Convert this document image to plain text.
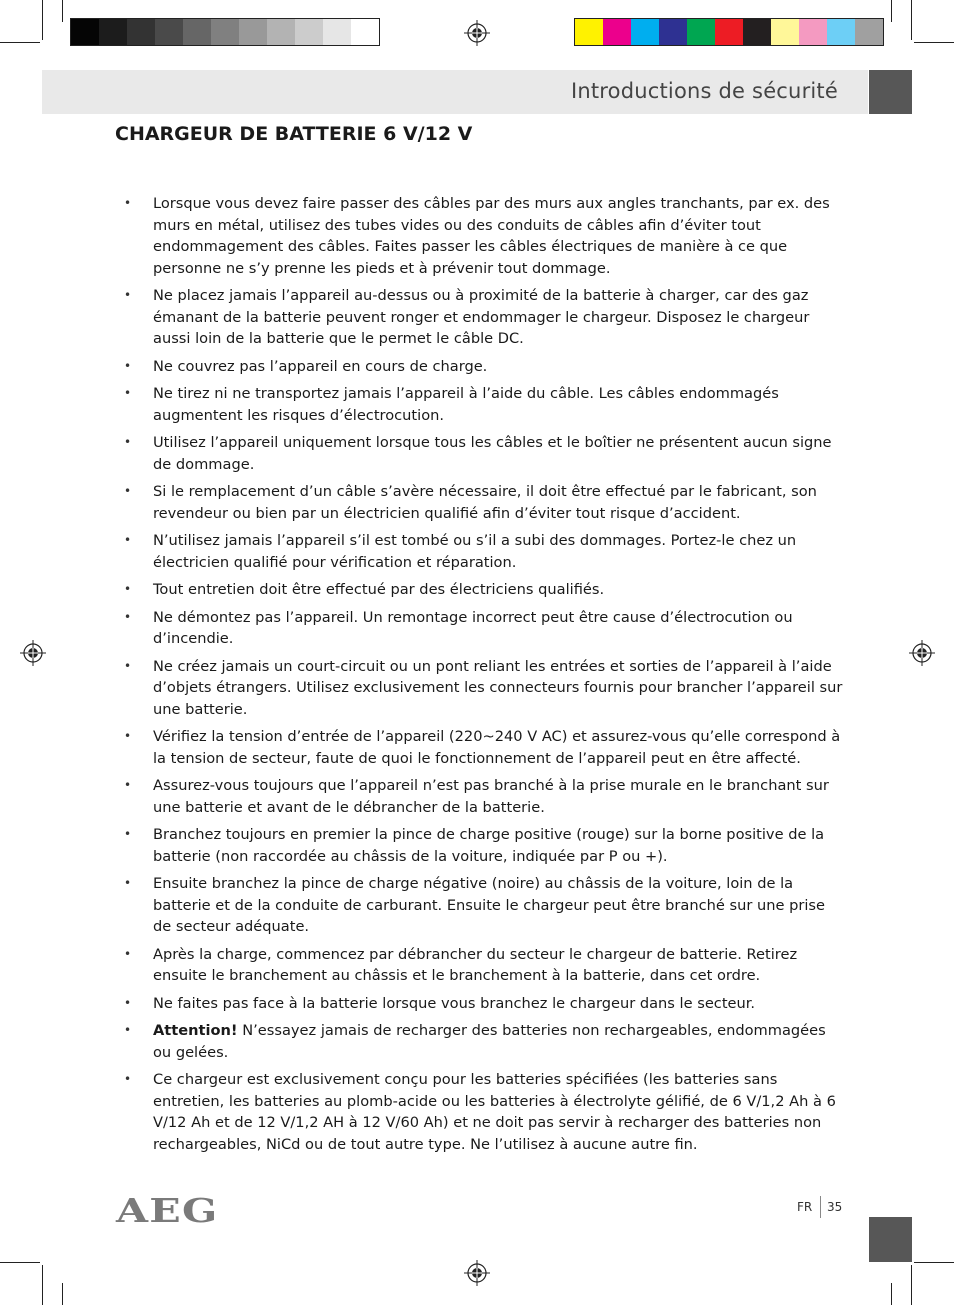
Introductions de sécurité
CHARGEUR DE BATTERIE 6 V/12 V
• Lorsque vous devez faire passer des câbles par des murs aux angles tranchants, par ex. des murs en métal, utilisez des tubes vides ou des conduits de câbles afin d’éviter tout endommagement des câbles. Faites passer les câbles électriques de manière à ce que personne ne s’y prenne les pieds et à prévenir tout dommage.
• Ne placez jamais l’appareil au-dessus ou à proximité de la batterie à charger, car des gaz émanant de la batterie peuvent ronger et endommager le chargeur. Disposez le chargeur aussi loin de la batterie que le permet le câble DC.
• Ne couvrez pas l’appareil en cours de charge.
• Ne tirez ni ne transportez jamais l’appareil à l’aide du câble. Les câbles endommagés augmentent les risques d’électrocution.
• Utilisez l’appareil uniquement lorsque tous les câbles et le boîtier ne présentent aucun signe de dommage.
• Si le remplacement d’un câble s’avère nécessaire, il doit être effectué par le fabricant, son revendeur ou bien par un électricien qualifié afin d’éviter tout risque d’accident.
• N’utilisez jamais l’appareil s’il est tombé ou s’il a subi des dommages. Portez-le chez un électricien qualifié pour vérification et réparation.
• Tout entretien doit être effectué par des électriciens qualifiés.
• Ne démontez pas l’appareil. Un remontage incorrect peut être cause d’électrocution ou d’incendie.
• Ne créez jamais un court-circuit ou un pont reliant les entrées et sorties de l’appareil à l’aide d’objets étrangers. Utilisez exclusivement les connecteurs fournis pour brancher l’appareil sur une batterie.
• Vérifiez la tension d’entrée de l’appareil (220~240 V AC) et assurez-vous qu’elle correspond à la tension de secteur, faute de quoi le fonctionnement de l’appareil peut en être affecté.
• Assurez-vous toujours que l’appareil n’est pas branché à la prise murale en le branchant sur une batterie et avant de le débrancher de la batterie.
• Branchez toujours en premier la pince de charge positive (rouge) sur la borne positive de la batterie (non raccordée au châssis de la voiture, indiquée par P ou +).
• Ensuite branchez la pince de charge négative (noire) au châssis de la voiture, loin de la batterie et de la conduite de carburant. Ensuite le chargeur peut être branché sur une prise de secteur adéquate.
• Après la charge, commencez par débrancher du secteur le chargeur de batterie. Retirez ensuite le branchement au châssis et le branchement à la batterie, dans cet ordre.
• Ne faites pas face à la batterie lorsque vous branchez le chargeur dans le secteur.
• Attention! N’essayez jamais de recharger des batteries non rechargeables, endommagées ou gelées.
• Ce chargeur est exclusivement conçu pour les batteries spécifiées (les batteries sans entretien, les batteries au plomb-acide ou les batteries à électrolyte gélifié, de 6 V/1,2 Ah à 6 V/12 Ah et de 12 V/1,2 AH à 12 V/60 Ah) et ne doit pas servir à recharger des batteries non rechargeables, NiCd ou de tout autre type. Ne l’utilisez à aucune autre fin.
AEG	FR 35
